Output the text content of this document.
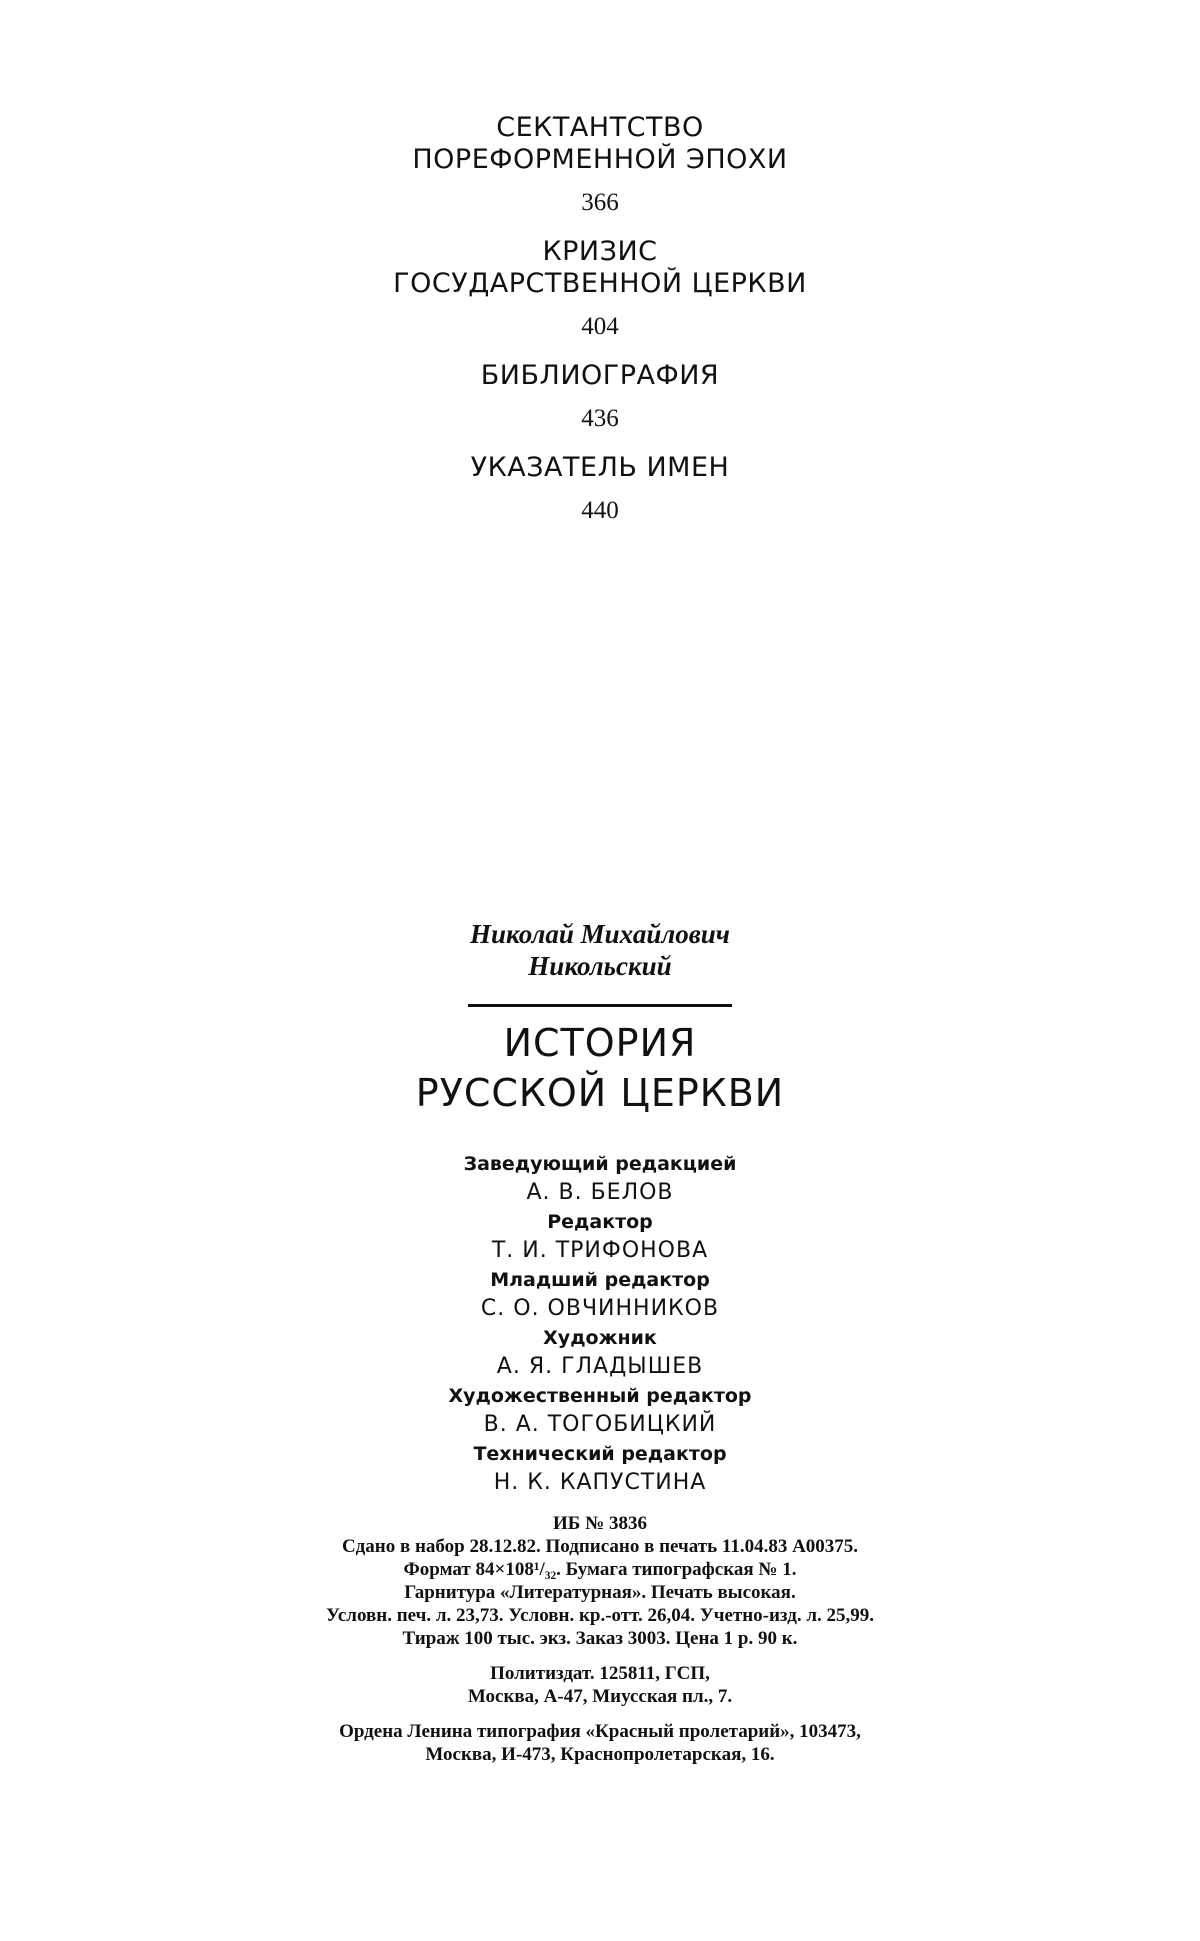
СЕКТАНТСТВО
ПОРЕФОРМЕННОЙ ЭПОХИ
366
КРИЗИС
ГОСУДАРСТВЕННОЙ ЦЕРКВИ
404
БИБЛИОГРАФИЯ
436
УКАЗАТЕЛЬ ИМЕН
440
Николай Михайлович
Никольский
ИСТОРИЯ
РУССКОЙ ЦЕРКВИ
Заведующий редакцией
А. В. БЕЛОВ
Редактор
Т. И. ТРИФОНОВА
Младший редактор
С. О. ОВЧИННИКОВ
Художник
А. Я. ГЛАДЫШЕВ
Художественный редактор
В. А. ТОГОБИЦКИЙ
Технический редактор
Н. К. КАПУСТИНА

ИБ № 3836

Сдано в набор 28.12.82. Подписано в печать 11.04.83 А00375.

Формат 84×108¹/₃₂. Бумага типографская № 1.

Гарнитура «Литературная». Печать высокая.

Условн. печ. л. 23,73. Условн. кр.-отт. 26,04. Учетно-изд. л. 25,99.

Тираж 100 тыс. экз. Заказ 3003. Цена 1 р. 90 к.

Политиздат. 125811, ГСП,

Москва, А-47, Миусская пл., 7.

Ордена Ленина типография «Красный пролетарий», 103473,

Москва, И-473, Краснопролетарская, 16.
